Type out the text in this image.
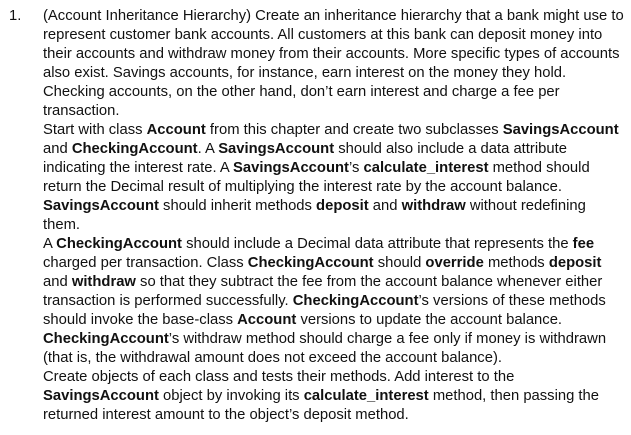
1.	(Account Inheritance Hierarchy) Create an inheritance hierarchy that a bank might use to represent customer bank accounts. All customers at this bank can deposit money into their accounts and withdraw money from their accounts. More specific types of accounts also exist. Savings accounts, for instance, earn interest on the money they hold. Checking accounts, on the other hand, don’t earn interest and charge a fee per transaction.

Start with class Account from this chapter and create two subclasses SavingsAccount and CheckingAccount. A SavingsAccount should also include a data attribute indicating the interest rate. A SavingsAccount’s calculate_interest method should return the Decimal result of multiplying the interest rate by the account balance. SavingsAccount should inherit methods deposit and withdraw without redefining them.

A CheckingAccount should include a Decimal data attribute that represents the fee charged per transaction. Class CheckingAccount should override methods deposit and withdraw so that they subtract the fee from the account balance whenever either transaction is performed successfully. CheckingAccount’s versions of these methods should invoke the base-class Account versions to update the account balance. CheckingAccount’s withdraw method should charge a fee only if money is withdrawn (that is, the withdrawal amount does not exceed the account balance).

Create objects of each class and tests their methods. Add interest to the SavingsAccount object by invoking its calculate_interest method, then passing the returned interest amount to the object’s deposit method.
